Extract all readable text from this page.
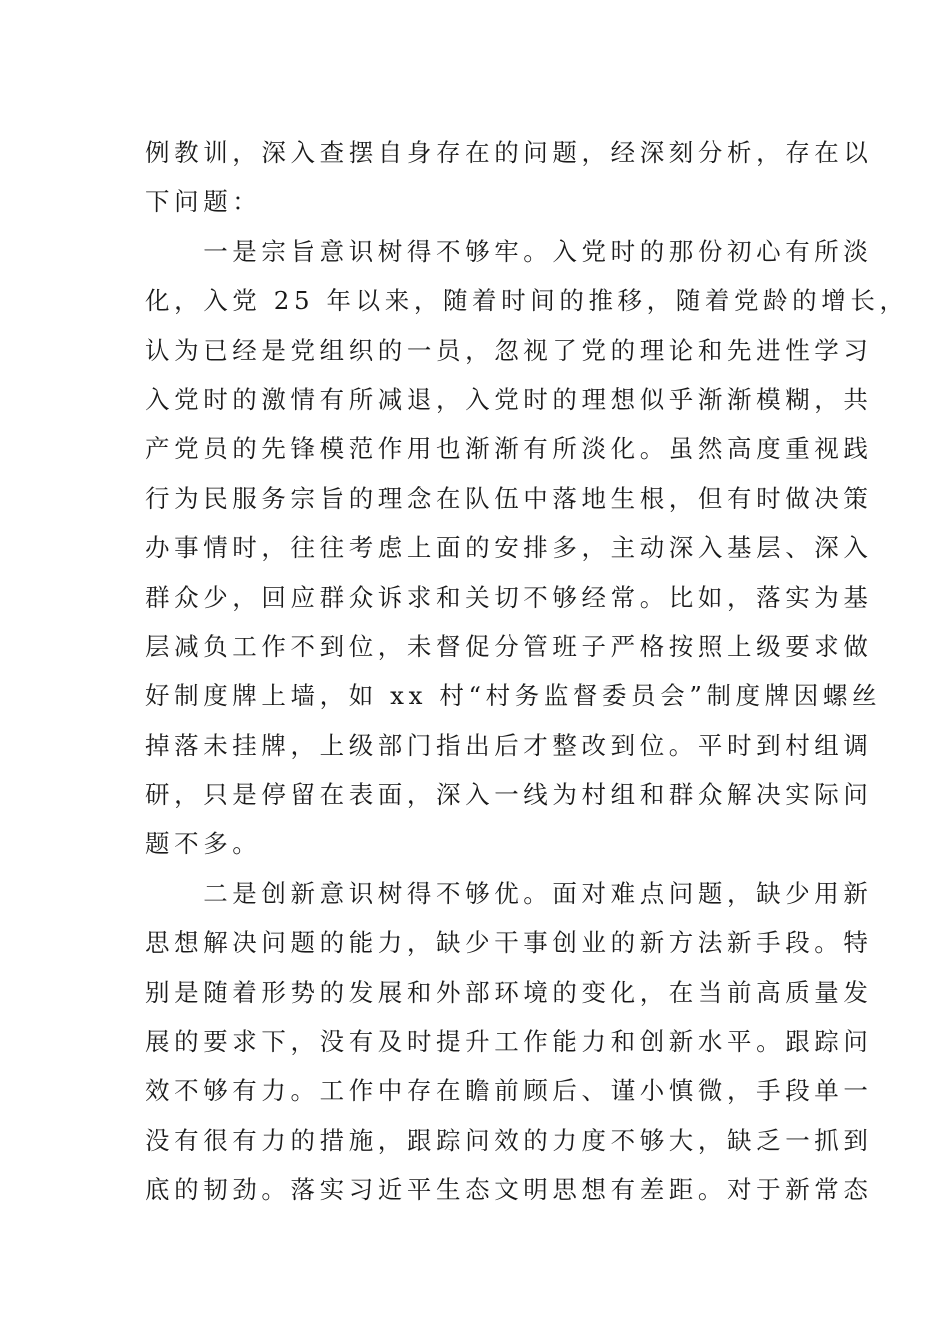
例教训，深入查摆自身存在的问题，经深刻分析，存在以
下问题：
　　一是宗旨意识树得不够牢。入党时的那份初心有所淡
化，入党 25 年以来，随着时间的推移，随着党龄的增长，
认为已经是党组织的一员，忽视了党的理论和先进性学习
入党时的激情有所减退，入党时的理想似乎渐渐模糊，共
产党员的先锋模范作用也渐渐有所淡化。虽然高度重视践
行为民服务宗旨的理念在队伍中落地生根，但有时做决策
办事情时，往往考虑上面的安排多，主动深入基层、深入
群众少，回应群众诉求和关切不够经常。比如，落实为基
层减负工作不到位，未督促分管班子严格按照上级要求做
好制度牌上墙，如 xx 村“村务监督委员会”制度牌因螺丝
掉落未挂牌，上级部门指出后才整改到位。平时到村组调
研，只是停留在表面，深入一线为村组和群众解决实际问
题不多。
　　二是创新意识树得不够优。面对难点问题，缺少用新
思想解决问题的能力，缺少干事创业的新方法新手段。特
别是随着形势的发展和外部环境的变化，在当前高质量发
展的要求下，没有及时提升工作能力和创新水平。跟踪问
效不够有力。工作中存在瞻前顾后、谨小慎微，手段单一
没有很有力的措施，跟踪问效的力度不够大，缺乏一抓到
底的韧劲。落实习近平生态文明思想有差距。对于新常态
